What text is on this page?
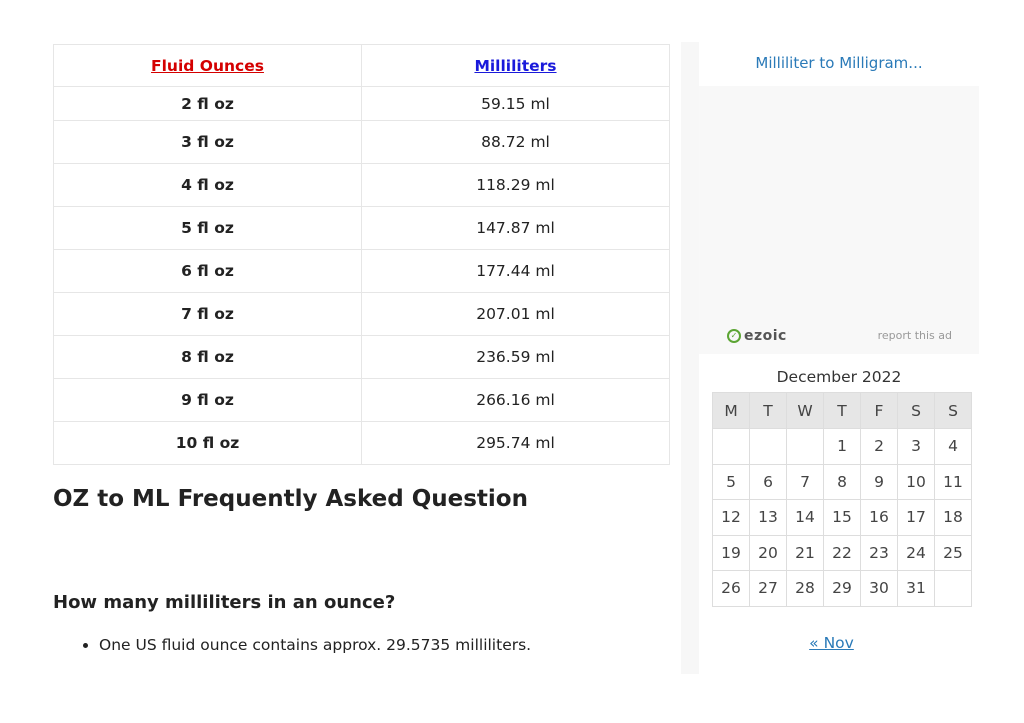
Fluid Ounces	Milliliters
2 fl oz	59.15 ml
3 fl oz	88.72 ml
4 fl oz	118.29 ml
5 fl oz	147.87 ml
6 fl oz	177.44 ml
7 fl oz	207.01 ml
8 fl oz	236.59 ml
9 fl oz	266.16 ml
10 fl oz	295.74 ml
OZ to ML Frequently Asked Question
How many milliliters in an ounce?
• One US fluid ounce contains approx. 29.5735 milliliters.
Milliliter to Milligram...
✓ ezoic	report this ad
December 2022
M	T	W	T	F	S	S
			1	2	3	4
5	6	7	8	9	10	11
12	13	14	15	16	17	18
19	20	21	22	23	24	25
26	27	28	29	30	31	
« Nov
